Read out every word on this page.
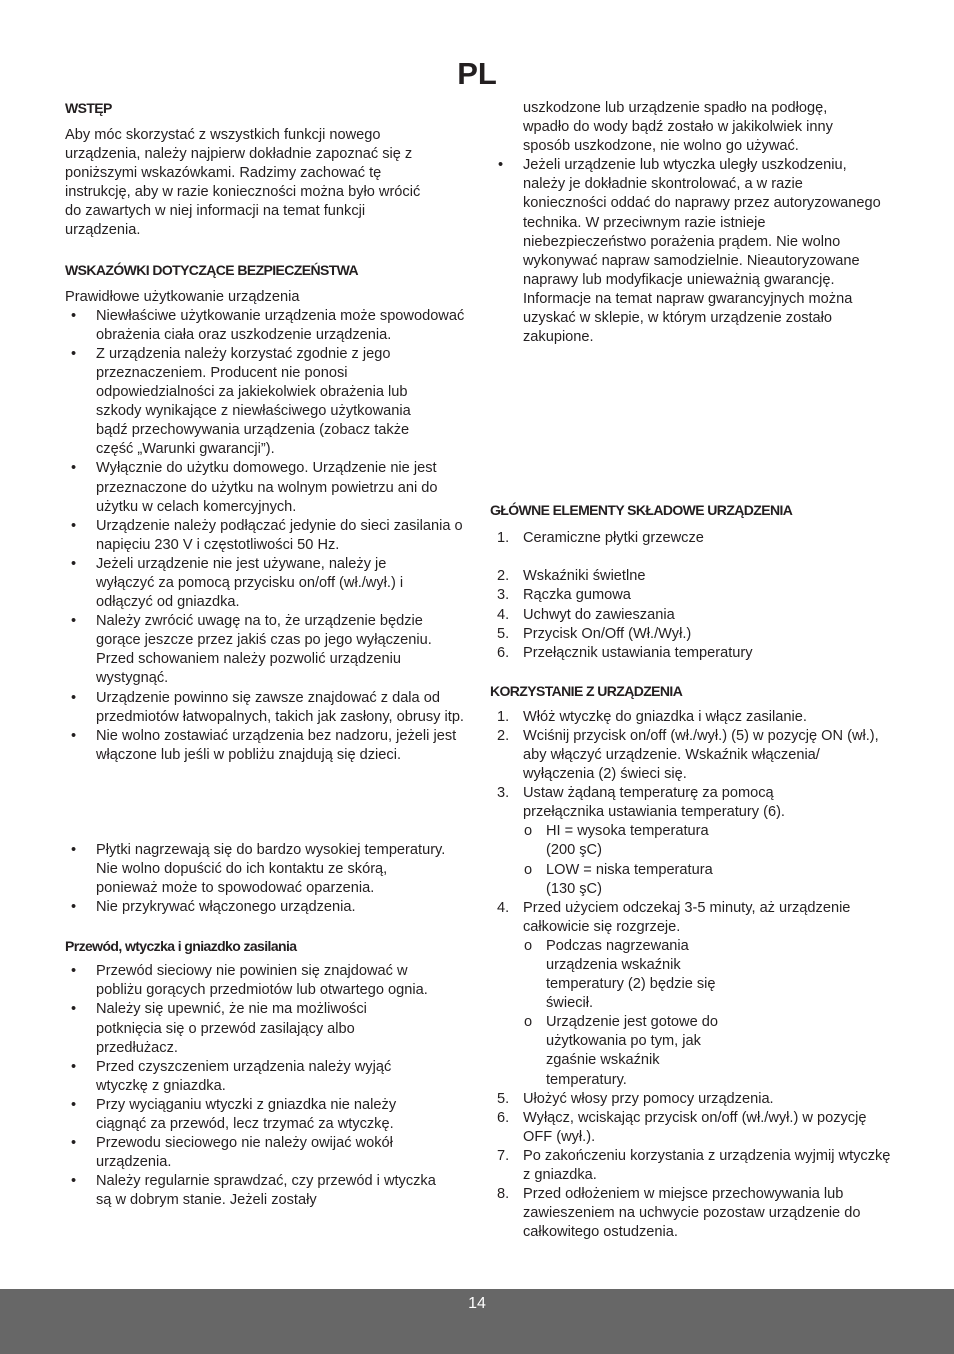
PL
WSTĘP

Aby móc skorzystać z wszystkich funkcji nowego urządzenia, należy najpierw dokładnie zapoznać się z poniższymi wskazówkami. Radzimy zachować tę instrukcję, aby w razie konieczności można było wrócić do zawartych w niej informacji na temat funkcji urządzenia.

WSKAZÓWKI DOTYCZĄCE BEZPIECZEŃSTWA

Prawidłowe użytkowanie urządzenia

• Niewłaściwe użytkowanie urządzenia może spowodować obrażenia ciała oraz uszkodzenie urządzenia.
• Z urządzenia należy korzystać zgodnie z jego przeznaczeniem. Producent nie ponosi odpowiedzialności za jakiekolwiek obrażenia lub szkody wynikające z niewłaściwego użytkowania bądź przechowywania urządzenia (zobacz także część „Warunki gwarancji”).
• Wyłącznie do użytku domowego. Urządzenie nie jest przeznaczone do użytku na wolnym powietrzu ani do użytku w celach komercyjnych.
• Urządzenie należy podłączać jedynie do sieci zasilania o napięciu 230 V i częstotliwości 50 Hz.
• Jeżeli urządzenie nie jest używane, należy je wyłączyć za pomocą przycisku on/off (wł./wył.) i odłączyć od gniazdka.
• Należy zwrócić uwagę na to, że urządzenie będzie gorące jeszcze przez jakiś czas po jego wyłączeniu. Przed schowaniem należy pozwolić urządzeniu wystygnąć.
• Urządzenie powinno się zawsze znajdować z dala od przedmiotów łatwopalnych, takich jak zasłony, obrusy itp.
• Nie wolno zostawiać urządzenia bez nadzoru, jeżeli jest włączone lub jeśli w pobliżu znajdują się dzieci.
• Płytki nagrzewają się do bardzo wysokiej temperatury. Nie wolno dopuścić do ich kontaktu ze skórą, ponieważ może to spowodować oparzenia.
• Nie przykrywać włączonego urządzenia.
Przewód, wtyczka i gniazdko zasilania
• Przewód sieciowy nie powinien się znajdować w pobliżu gorących przedmiotów lub otwartego ognia.
• Należy się upewnić, że nie ma możliwości potknięcia się o przewód zasilający albo przedłużacz.
• Przed czyszczeniem urządzenia należy wyjąć wtyczkę z gniazdka.
• Przy wyciąganiu wtyczki z gniazdka nie należy ciągnąć za przewód, lecz trzymać za wtyczkę.
• Przewodu sieciowego nie należy owijać wokół urządzenia.
• Należy regularnie sprawdzać, czy przewód i wtyczka są w dobrym stanie. Jeżeli zostały

uszkodzone lub urządzenie spadło na podłogę, wpadło do wody bądź zostało w jakikolwiek inny sposób uszkodzone, nie wolno go używać.

• Jeżeli urządzenie lub wtyczka uległy uszkodzeniu, należy je dokładnie skontrolować, a w razie konieczności oddać do naprawy przez autoryzowanego technika. W przeciwnym razie istnieje niebezpieczeństwo porażenia prądem. Nie wolno wykonywać napraw samodzielnie. Nieautoryzowane naprawy lub modyfikacje unieważnią gwarancję. Informacje na temat napraw gwarancyjnych można uzyskać w sklepie, w którym urządzenie zostało zakupione.
GŁÓWNE ELEMENTY SKŁADOWE URZĄDZENIA
1. Ceramiczne płytki grzewcze
2. Wskaźniki świetlne
3. Rączka gumowa
4. Uchwyt do zawieszania
5. Przycisk On/Off (Wł./Wył.)
6. Przełącznik ustawiania temperatury
KORZYSTANIE Z URZĄDZENIA
1. Włóż wtyczkę do gniazdka i włącz zasilanie.
2. Wciśnij przycisk on/off (wł./wył.) (5) w pozycję ON (wł.), aby włączyć urządzenie. Wskaźnik włączenia/ wyłączenia (2) świeci się.
3. Ustaw żądaną temperaturę za pomocą przełącznika ustawiania temperatury (6).
o HI = wysoka temperatura (200 şC)
o LOW = niska temperatura (130 şC)
4. Przed użyciem odczekaj 3-5 minuty, aż urządzenie całkowicie się rozgrzeje.
o Podczas nagrzewania urządzenia wskaźnik temperatury (2) będzie się świecił.
o Urządzenie jest gotowe do użytkowania po tym, jak zgaśnie wskaźnik temperatury.
5. Ułożyć włosy przy pomocy urządzenia.
6. Wyłącz, wciskając przycisk on/off (wł./wył.) w pozycję OFF (wył.).
7. Po zakończeniu korzystania z urządzenia wyjmij wtyczkę z gniazdka.
8. Przed odłożeniem w miejsce przechowywania lub zawieszeniem na uchwycie pozostaw urządzenie do całkowitego ostudzenia.
14
